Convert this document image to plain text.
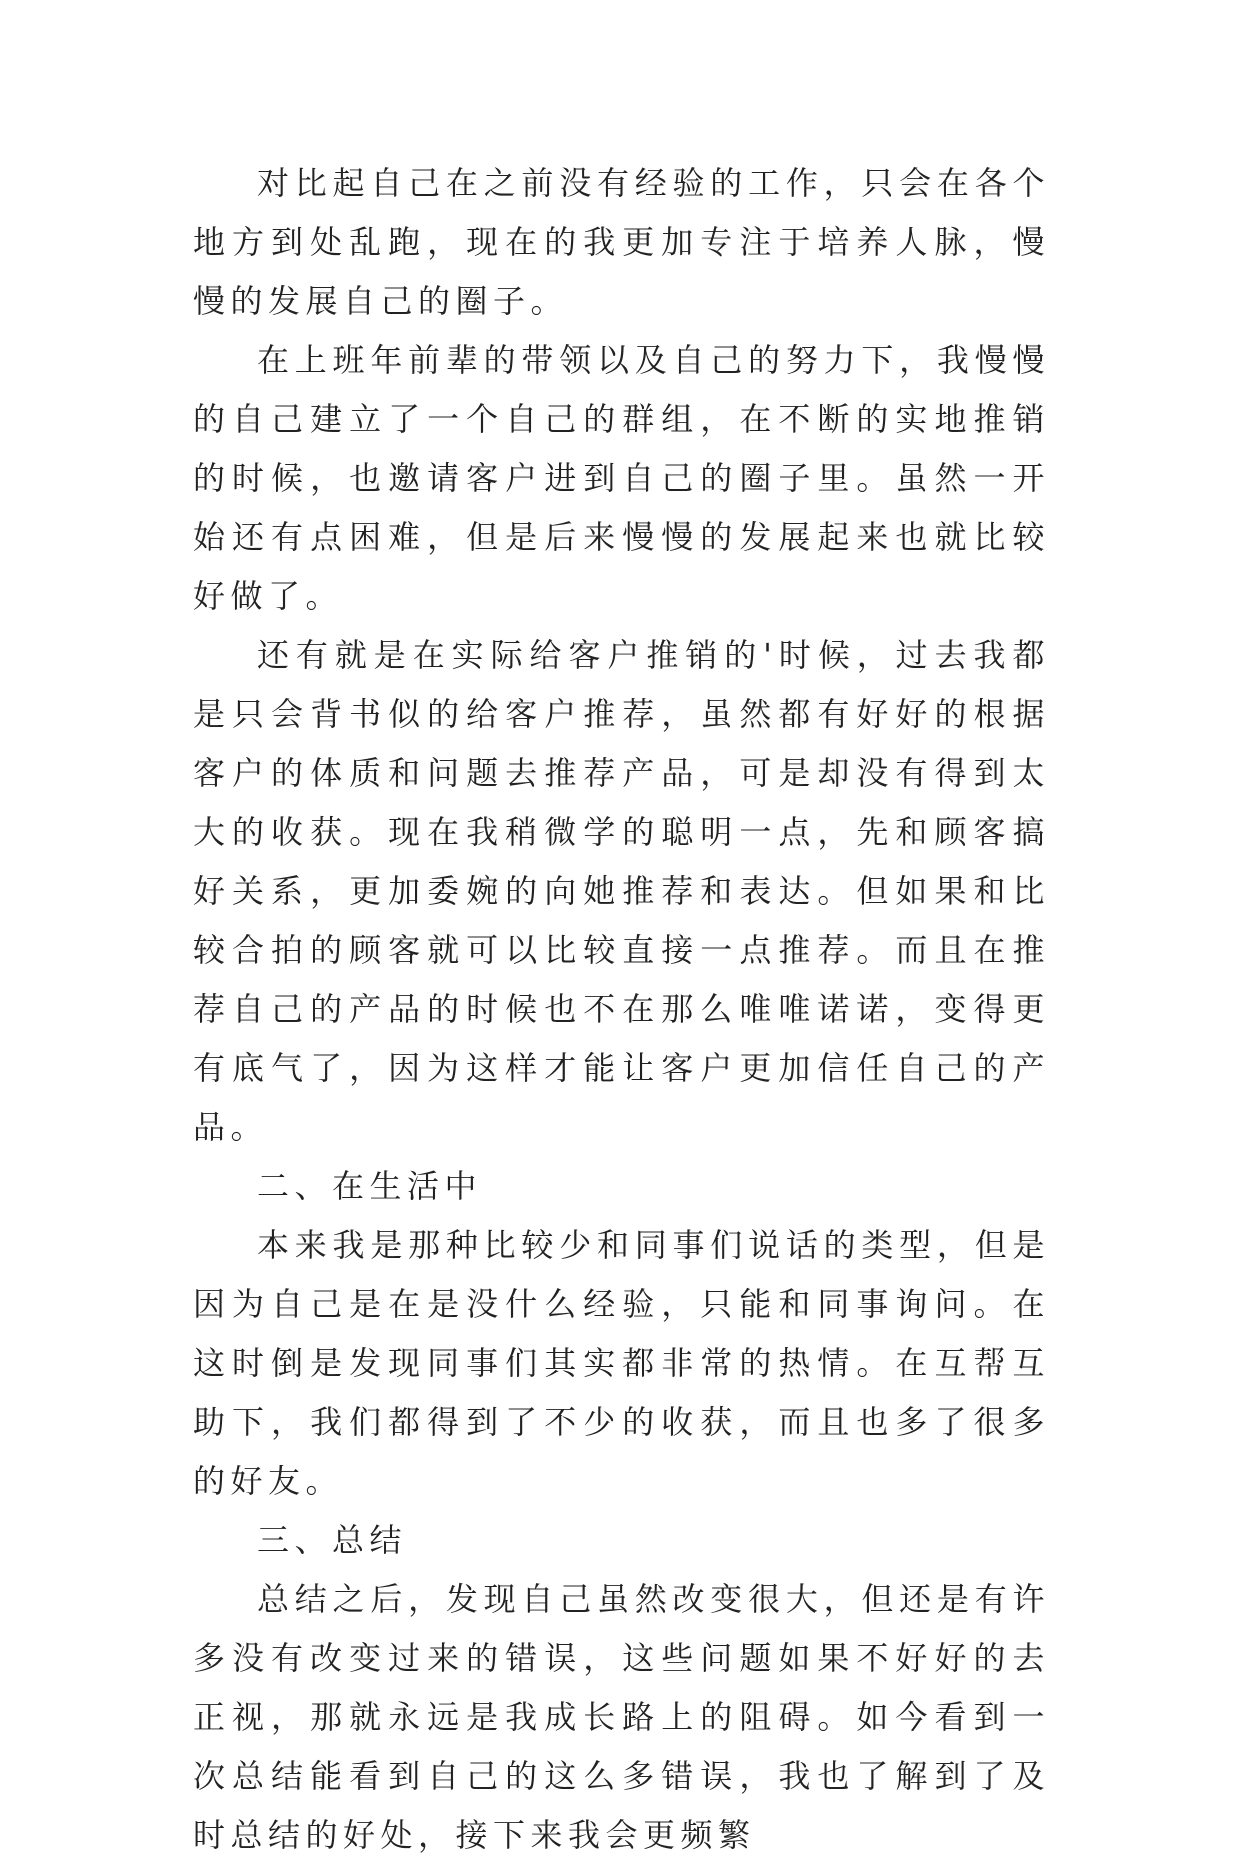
对比起自己在之前没有经验的工作，只会在各个地方到处乱跑，现在的我更加专注于培养人脉，慢慢的发展自己的圈子。

在上班年前辈的带领以及自己的努力下，我慢慢的自己建立了一个自己的群组，在不断的实地推销的时候，也邀请客户进到自己的圈子里。虽然一开始还有点困难，但是后来慢慢的发展起来也就比较好做了。

还有就是在实际给客户推销的'时候，过去我都是只会背书似的给客户推荐，虽然都有好好的根据客户的体质和问题去推荐产品，可是却没有得到太大的收获。现在我稍微学的聪明一点，先和顾客搞好关系，更加委婉的向她推荐和表达。但如果和比较合拍的顾客就可以比较直接一点推荐。而且在推荐自己的产品的时候也不在那么唯唯诺诺，变得更有底气了，因为这样才能让客户更加信任自己的产品。

二、在生活中

本来我是那种比较少和同事们说话的类型，但是因为自己是在是没什么经验，只能和同事询问。在这时倒是发现同事们其实都非常的热情。在互帮互助下，我们都得到了不少的收获，而且也多了很多的好友。

三、总结

总结之后，发现自己虽然改变很大，但还是有许多没有改变过来的错误，这些问题如果不好好的去正视，那就永远是我成长路上的阻碍。如今看到一次总结能看到自己的这么多错误，我也了解到了及时总结的好处，接下来我会更频繁
